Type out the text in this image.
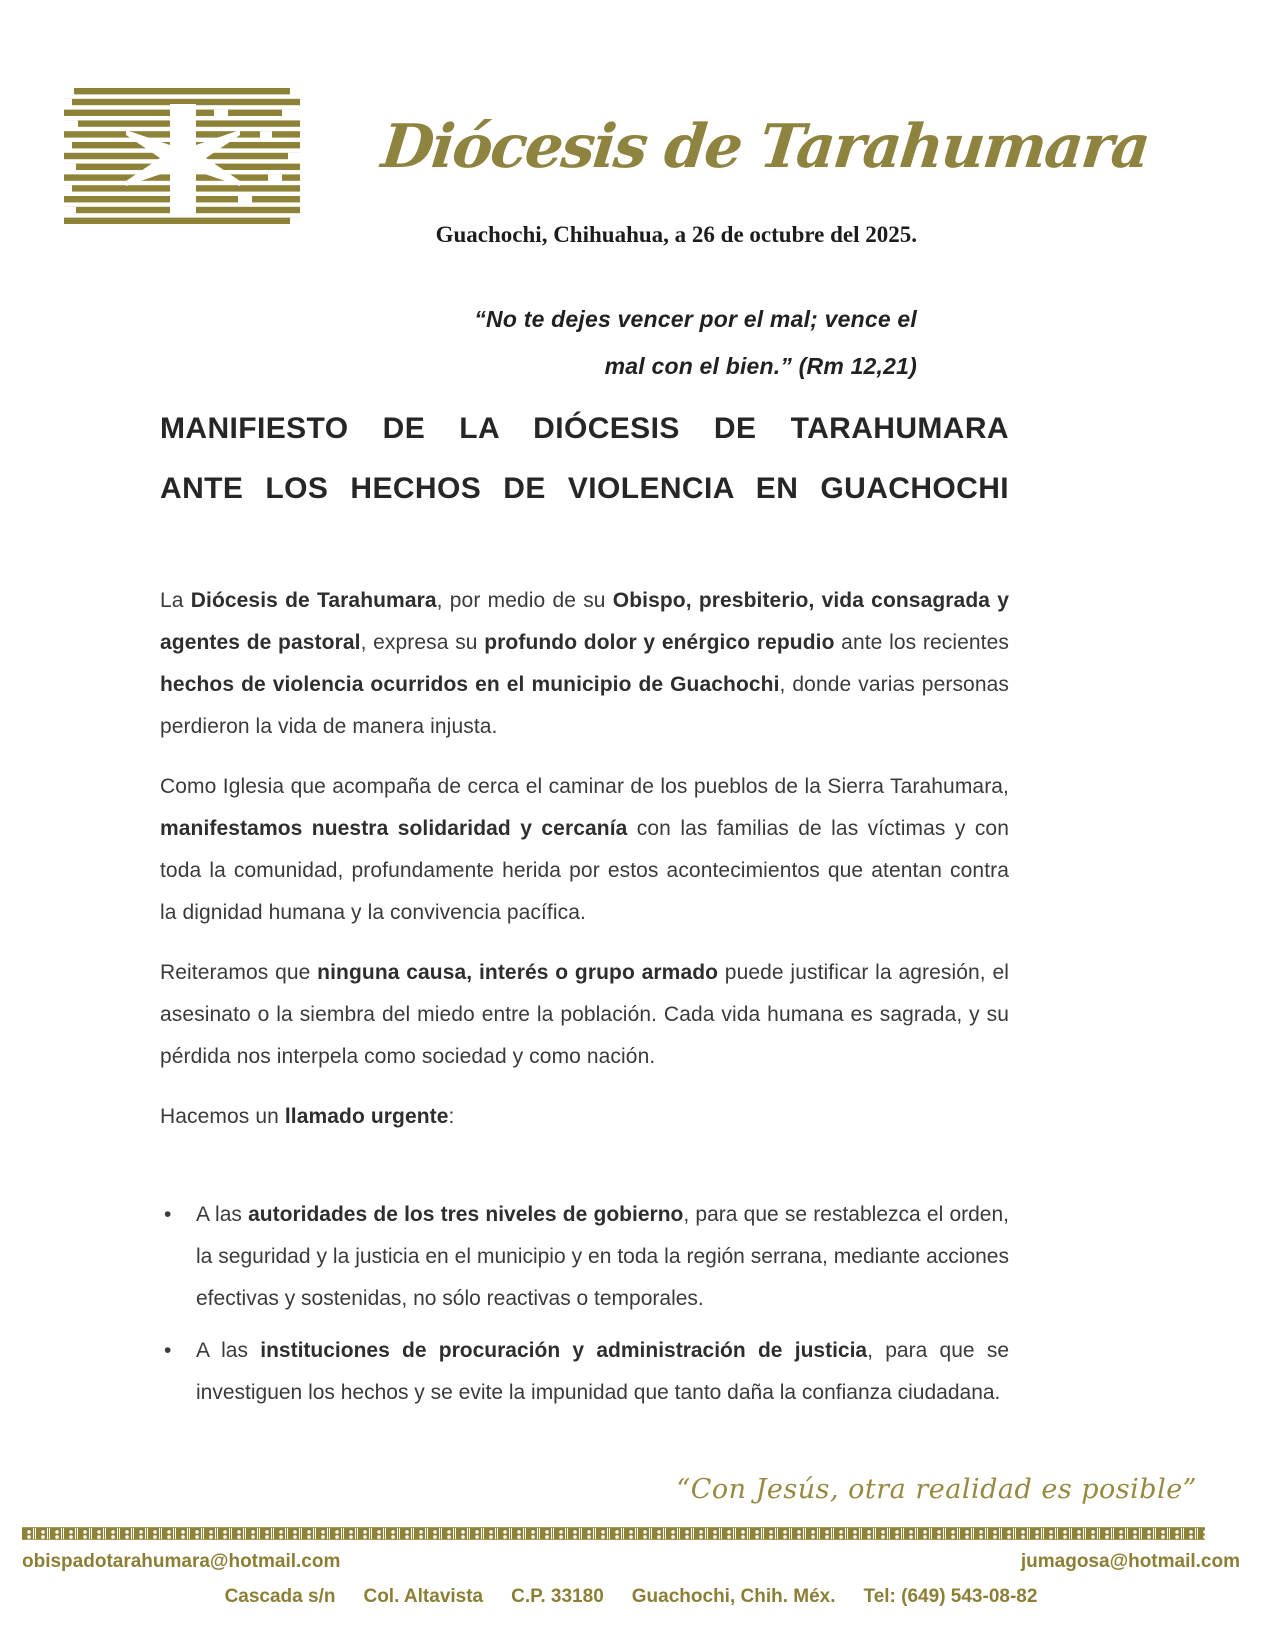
Diócesis de Tarahumara
Guachochi, Chihuahua, a 26 de octubre del 2025.
“No te dejes vencer por el mal; vence el
mal con el bien.” (Rm 12,21)
MANIFIESTO DE LA DIÓCESIS DE TARAHUMARA
ANTE LOS HECHOS DE VIOLENCIA EN GUACHOCHI

La Diócesis de Tarahumara, por medio de su Obispo, presbiterio, vida consagrada y agentes de pastoral, expresa su profundo dolor y enérgico repudio ante los recientes hechos de violencia ocurridos en el municipio de Guachochi, donde varias personas perdieron la vida de manera injusta.

Como Iglesia que acompaña de cerca el caminar de los pueblos de la Sierra Tarahumara, manifestamos nuestra solidaridad y cercanía con las familias de las víctimas y con toda la comunidad, profundamente herida por estos acontecimientos que atentan contra la dignidad humana y la convivencia pacífica.

Reiteramos que ninguna causa, interés o grupo armado puede justificar la agresión, el asesinato o la siembra del miedo entre la población. Cada vida humana es sagrada, y su pérdida nos interpela como sociedad y como nación.

Hacemos un llamado urgente:

• A las autoridades de los tres niveles de gobierno, para que se restablezca el orden, la seguridad y la justicia en el municipio y en toda la región serrana, mediante acciones efectivas y sostenidas, no sólo reactivas o temporales.
• A las instituciones de procuración y administración de justicia, para que se investiguen los hechos y se evite la impunidad que tanto daña la confianza ciudadana.
“Con Jesús, otra realidad es posible”
obispadotarahumara@hotmail.com	jumagosa@hotmail.com
Cascada s/n Col. Altavista C.P. 33180 Guachochi, Chih. Méx. Tel: (649) 543-08-82
